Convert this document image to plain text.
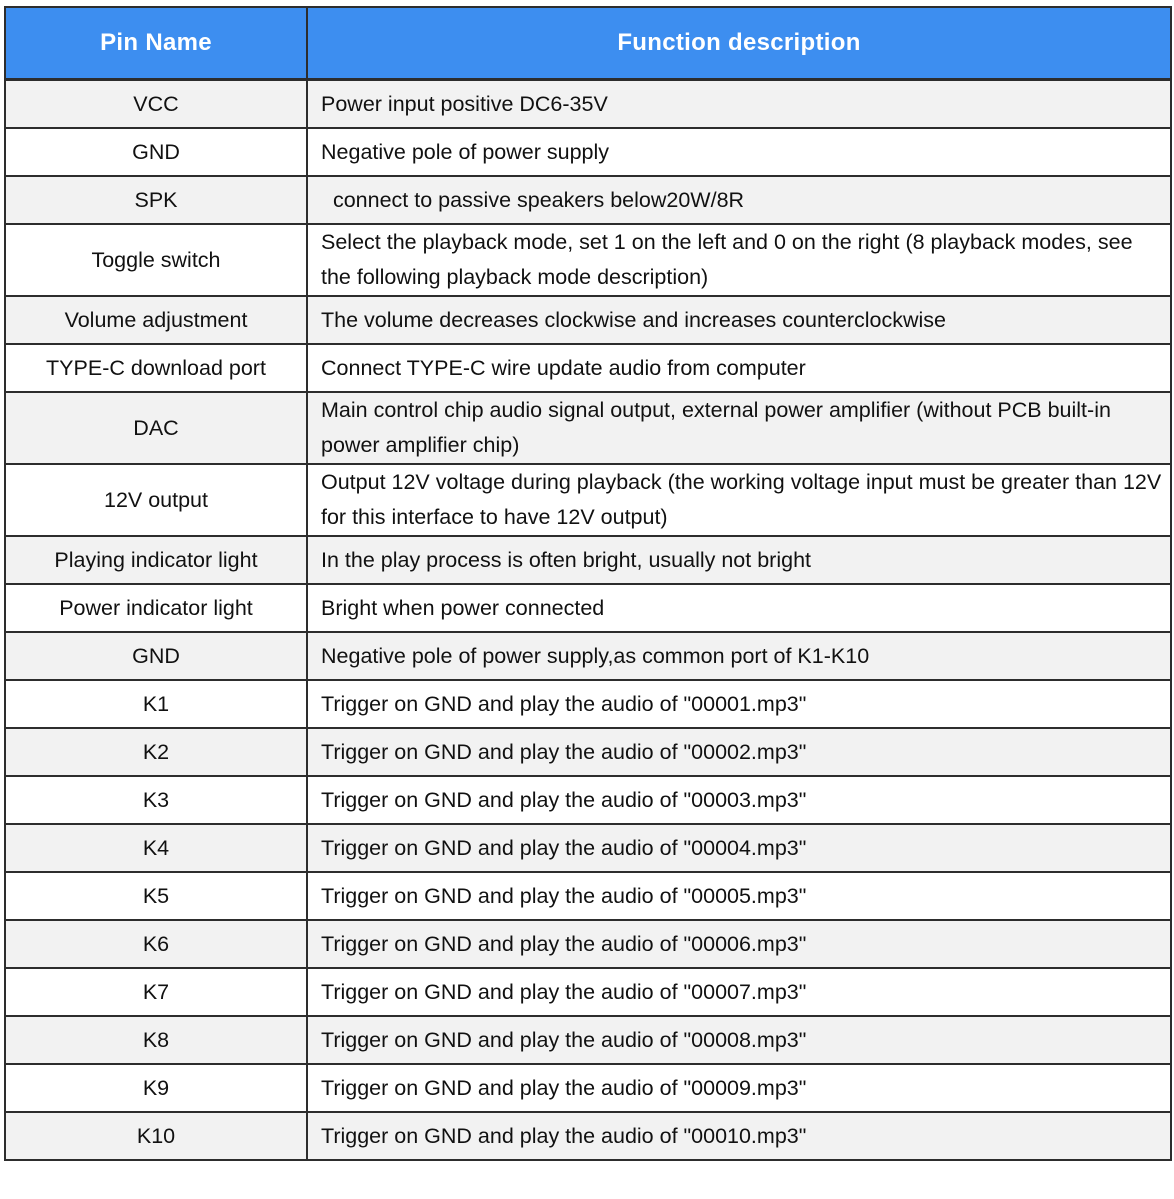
Pin Name	Function description
VCC	Power input positive DC6-35V
GND	Negative pole of power supply
SPK	connect to passive speakers below20W/8R
Toggle switch	Select the playback mode, set 1 on the left and 0 on the right (8 playback modes, see the following playback mode description)
Volume adjustment	The volume decreases clockwise and increases counterclockwise
TYPE-C download port	Connect TYPE-C wire update audio from computer
DAC	Main control chip audio signal output, external power amplifier (without PCB built-in power amplifier chip)
12V output	Output 12V voltage during playback (the working voltage input must be greater than 12V for this interface to have 12V output)
Playing indicator light	In the play process is often bright, usually not bright
Power indicator light	Bright when power connected
GND	Negative pole of power supply,as common port of K1-K10
K1	Trigger on GND and play the audio of "00001.mp3"
K2	Trigger on GND and play the audio of "00002.mp3"
K3	Trigger on GND and play the audio of "00003.mp3"
K4	Trigger on GND and play the audio of "00004.mp3"
K5	Trigger on GND and play the audio of "00005.mp3"
K6	Trigger on GND and play the audio of "00006.mp3"
K7	Trigger on GND and play the audio of "00007.mp3"
K8	Trigger on GND and play the audio of "00008.mp3"
K9	Trigger on GND and play the audio of "00009.mp3"
K10	Trigger on GND and play the audio of "00010.mp3"
